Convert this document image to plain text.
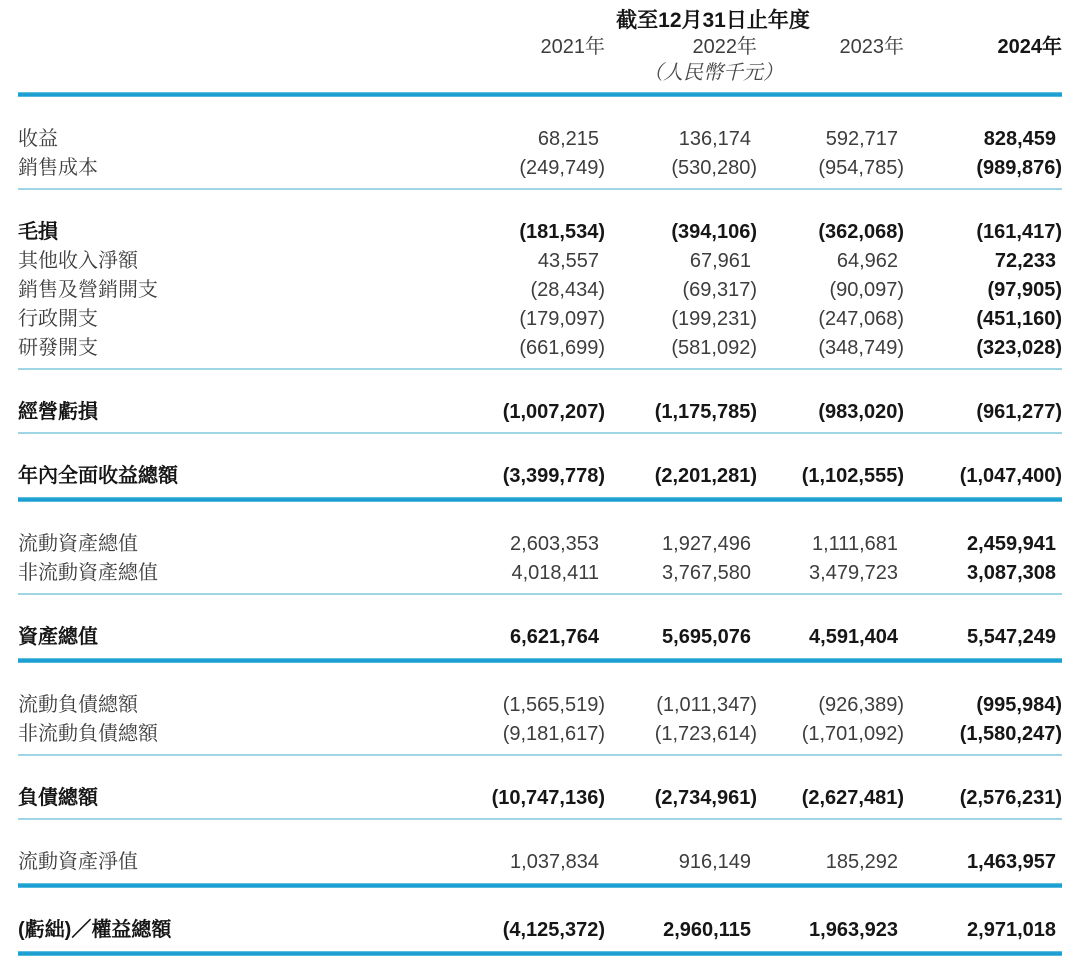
截至12月31日止年度
2021年	2022年	2023年	2024年
（人民幣千元）
收益	68,215	136,174	592,717	828,459
銷售成本	(249,749)	(530,280)	(954,785)	(989,876)
毛損	(181,534)	(394,106)	(362,068)	(161,417)
其他收入淨額	43,557	67,961	64,962	72,233
銷售及營銷開支	(28,434)	(69,317)	(90,097)	(97,905)
行政開支	(179,097)	(199,231)	(247,068)	(451,160)
研發開支	(661,699)	(581,092)	(348,749)	(323,028)
經營虧損	(1,007,207)	(1,175,785)	(983,020)	(961,277)
年內全面收益總額	(3,399,778)	(2,201,281)	(1,102,555)	(1,047,400)
流動資產總值	2,603,353	1,927,496	1,111,681	2,459,941
非流動資產總值	4,018,411	3,767,580	3,479,723	3,087,308
資產總值	6,621,764	5,695,076	4,591,404	5,547,249
流動負債總額	(1,565,519)	(1,011,347)	(926,389)	(995,984)
非流動負債總額	(9,181,617)	(1,723,614)	(1,701,092)	(1,580,247)
負債總額	(10,747,136)	(2,734,961)	(2,627,481)	(2,576,231)
流動資產淨值	1,037,834	916,149	185,292	1,463,957
(虧絀)／權益總額	(4,125,372)	2,960,115	1,963,923	2,971,018
